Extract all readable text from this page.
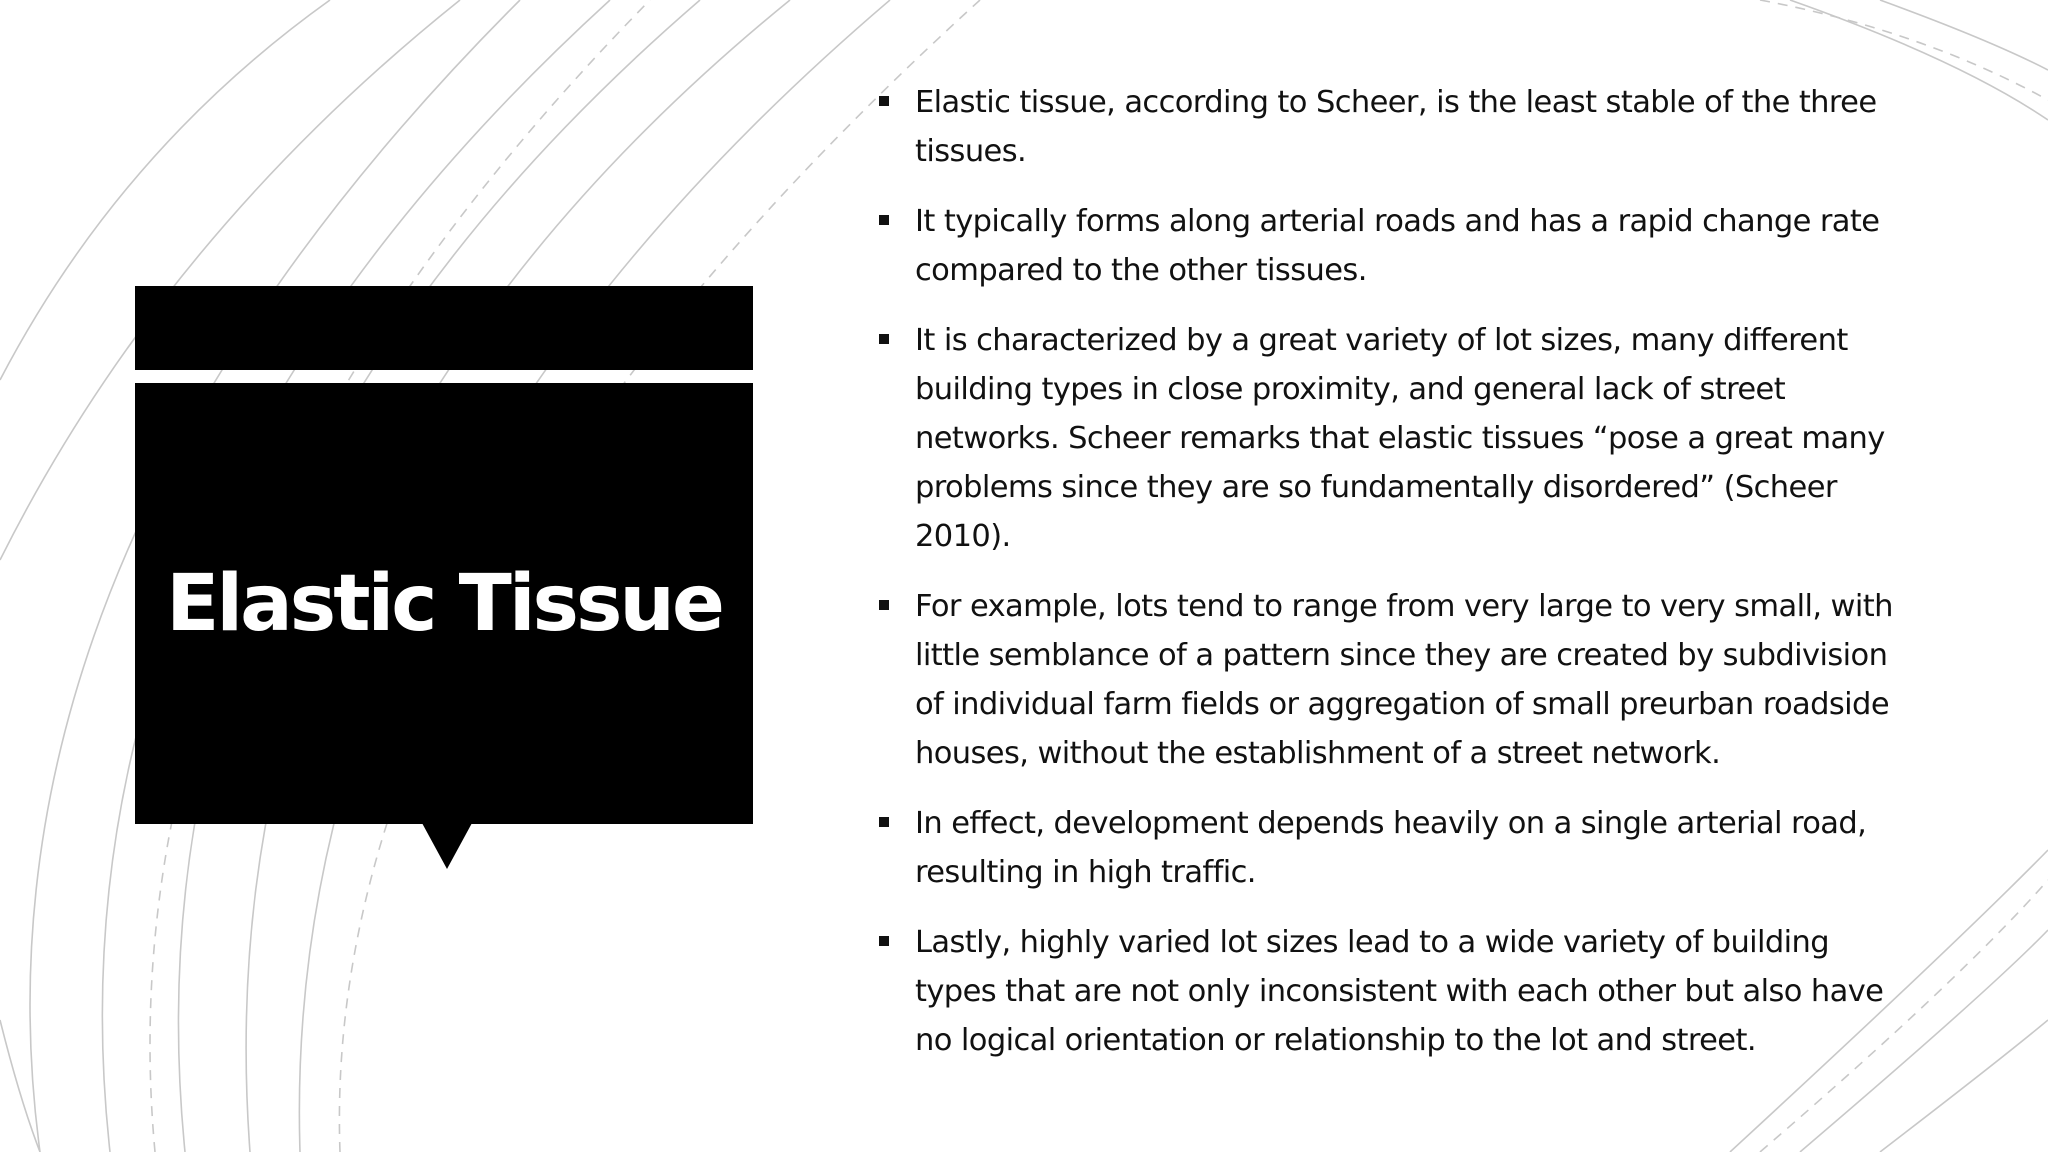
Elastic Tissue
Elastic tissue, according to Scheer, is the least stable of the three tissues.
It typically forms along arterial roads and has a rapid change rate compared to the other tissues.
It is characterized by a great variety of lot sizes, many different building types in close proximity, and general lack of street networks. Scheer remarks that elastic tissues “pose a great many problems since they are so fundamentally disordered” (Scheer 2010).
For example, lots tend to range from very large to very small, with little semblance of a pattern since they are created by subdivision of individual farm fields or aggregation of small preurban roadside houses, without the establishment of a street network.
In effect, development depends heavily on a single arterial road, resulting in high traffic.
Lastly, highly varied lot sizes lead to a wide variety of building types that are not only inconsistent with each other but also have no logical orientation or relationship to the lot and street.
